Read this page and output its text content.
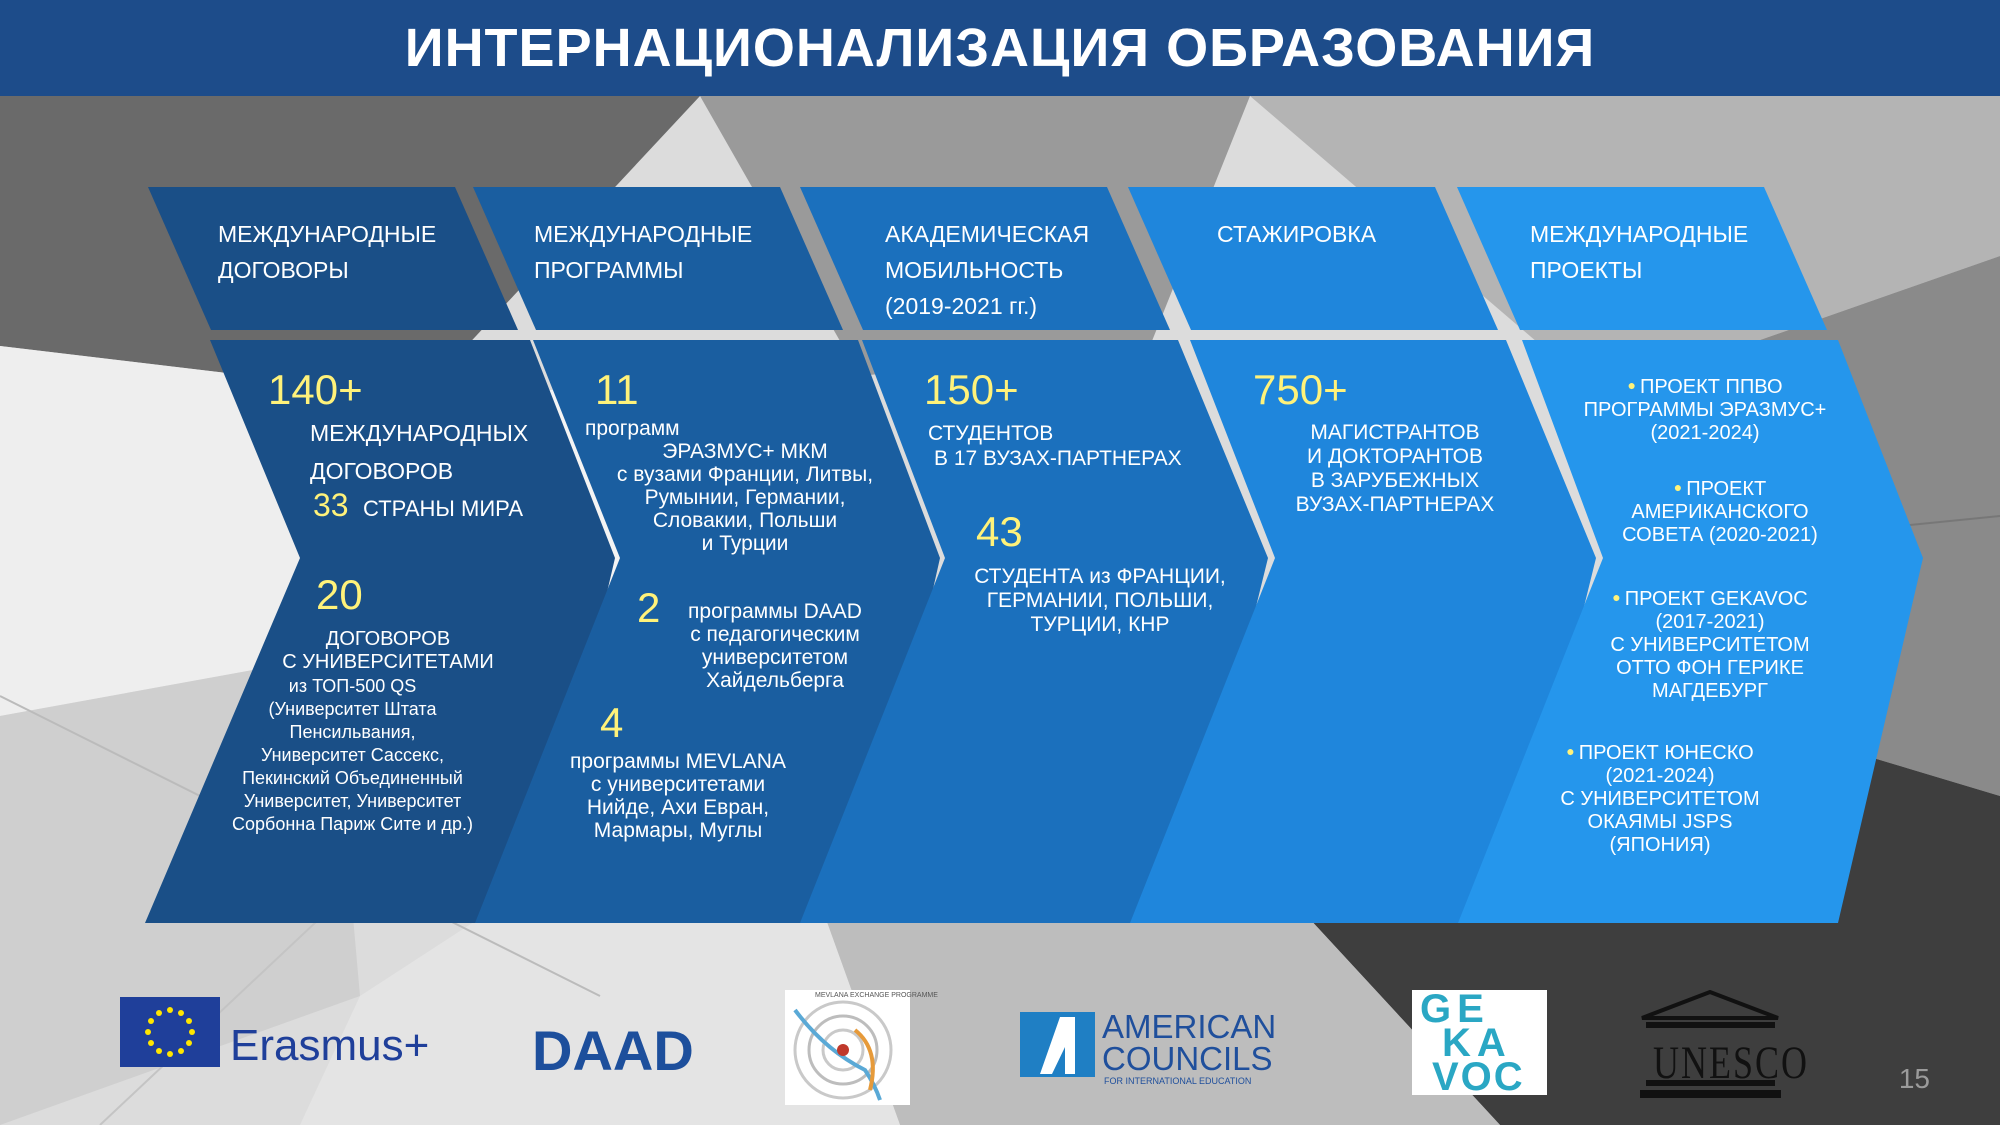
ИНТЕРНАЦИОНАЛИЗАЦИЯ ОБРАЗОВАНИЯ
МЕЖДУНАРОДНЫЕ
ДОГОВОРЫ
МЕЖДУНАРОДНЫЕ
ПРОГРАММЫ
АКАДЕМИЧЕСКАЯ
МОБИЛЬНОСТЬ
(2019-2021 гг.)
СТАЖИРОВКА	МЕЖДУНАРОДНЫЕ
ПРОЕКТЫ
140+
МЕЖДУНАРОДНЫХ
ДОГОВОРОВ
33 СТРАНЫ МИРА
20
ДОГОВОРОВ
С УНИВЕРСИТЕТАМИ
из ТОП-500 QS
(Университет Штата
Пенсильвания,
Университет Сассекс,
Пекинский Объединенный
Университет, Университет
Сорбонна Париж Сите и др.)
11
программ
ЭРАЗМУС+ МКМ
с вузами Франции, Литвы,
Румынии, Германии,
Словакии, Польши
и Турции
2	программы DAAD
с педагогическим
университетом
Хайдельберга
4
программы MEVLANA
с университетами
Нийде, Ахи Евран,
Мармары, Муглы
150+
СТУДЕНТОВ
В 17 ВУЗАХ-ПАРТНЕРАХ
43
СТУДЕНТА из ФРАНЦИИ,
ГЕРМАНИИ, ПОЛЬШИ,
ТУРЦИИ, КНР
750+
МАГИСТРАНТОВ
И ДОКТОРАНТОВ
В ЗАРУБЕЖНЫХ
ВУЗАХ-ПАРТНЕРАХ
● ПРОЕКТ ППВО
ПРОГРАММЫ ЭРАЗМУС+
(2021-2024)
● ПРОЕКТ
АМЕРИКАНСКОГО
СОВЕТА (2020-2021)
● ПРОЕКТ GEKAVOC
(2017-2021)
С УНИВЕРСИТЕТОМ
ОТТО ФОН ГЕРИКЕ
МАГДЕБУРГ
● ПРОЕКТ ЮНЕСКО
(2021-2024)
С УНИВЕРСИТЕТОМ
ОКАЯМЫ JSPS
(ЯПОНИЯ)
Erasmus+ DAAD
MEVLANA EXCHANGE PROGRAMME
AMERICAN
COUNCILS
FOR INTERNATIONAL EDUCATION
GE
KA
VOC	UNESCO	15
